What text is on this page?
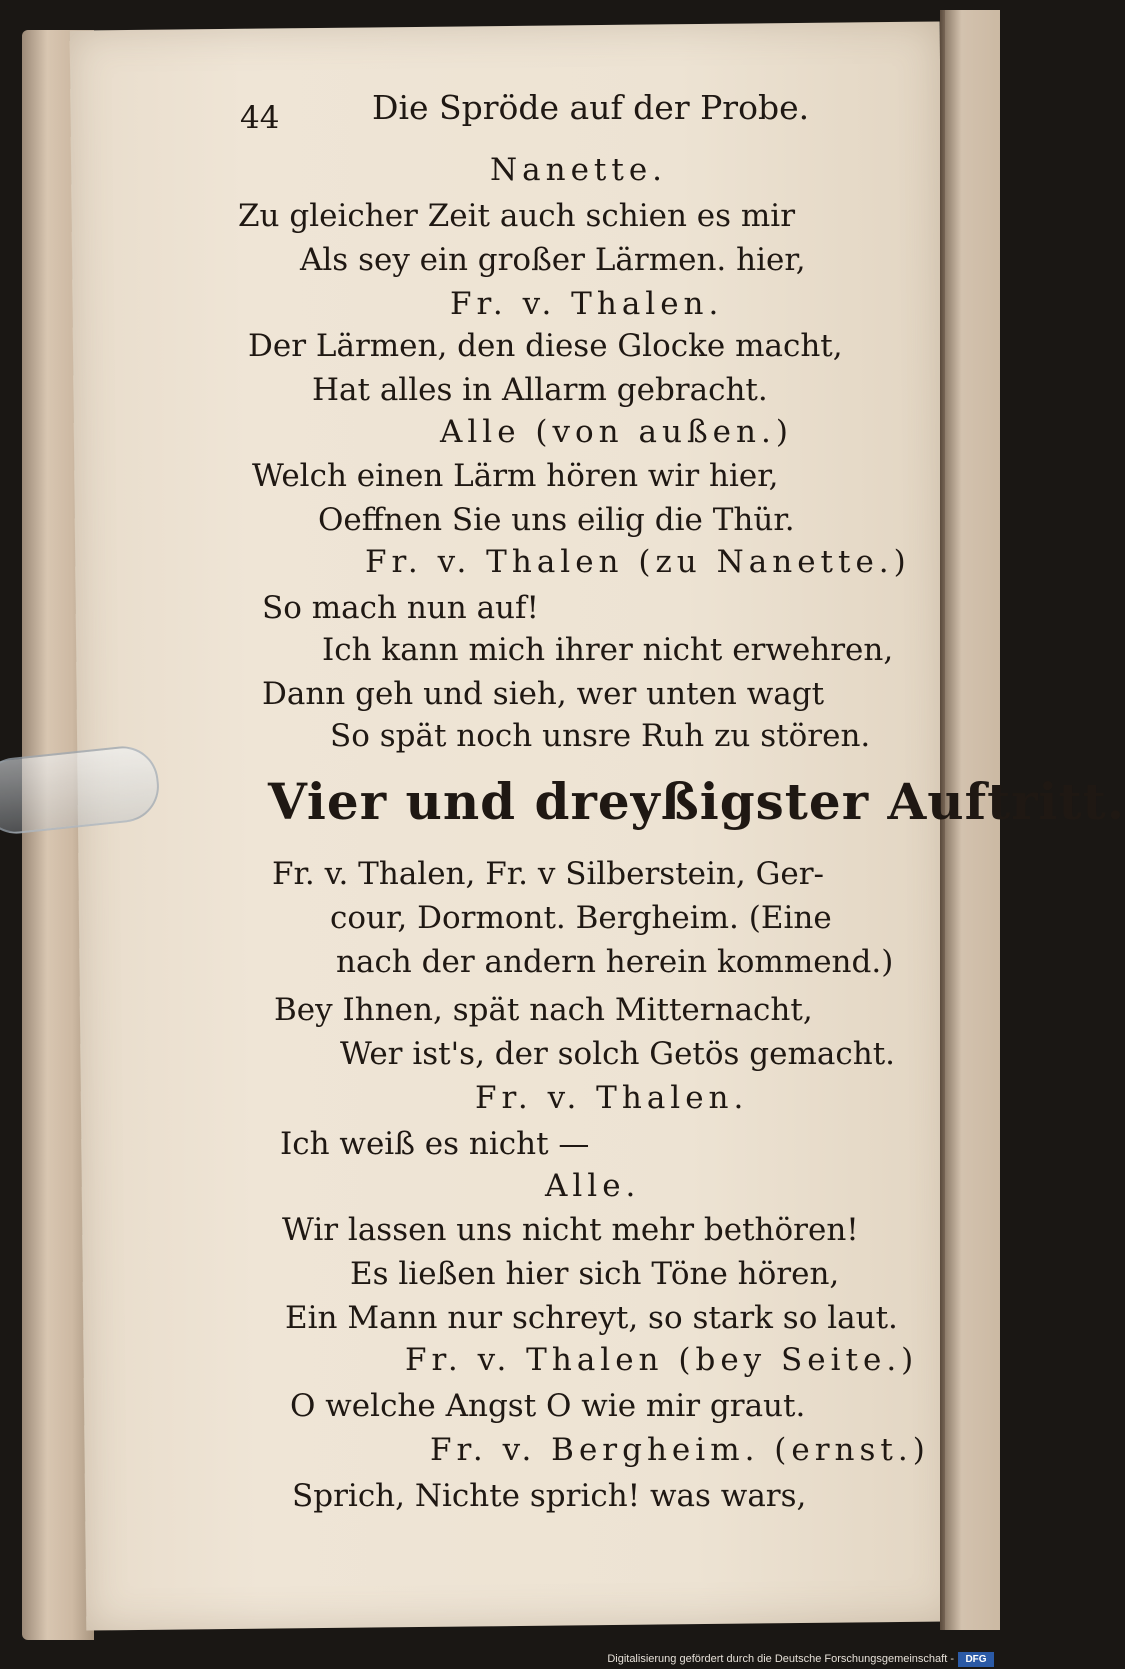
44	Die Spröde auf der Probe.
Nanette.
Zu gleicher Zeit auch schien es mir
Als sey ein großer Lärmen. hier,
Fr. v. Thalen.
Der Lärmen, den diese Glocke macht,
Hat alles in Allarm gebracht.
Alle (von außen.)
Welch einen Lärm hören wir hier,
Oeffnen Sie uns eilig die Thür.
Fr. v. Thalen (zu Nanette.)
So mach nun auf!
Ich kann mich ihrer nicht erwehren,
Dann geh und sieh, wer unten wagt
So spät noch unsre Ruh zu stören.
Vier und dreyßigster Auftritt.
Fr. v. Thalen, Fr. v Silberstein, Ger-
cour, Dormont. Bergheim. (Eine
nach der andern herein kommend.)
Bey Ihnen, spät nach Mitternacht,
Wer ist's, der solch Getös gemacht.
Fr. v. Thalen.
Ich weiß es nicht —
Alle.
Wir lassen uns nicht mehr bethören!
Es ließen hier sich Töne hören,
Ein Mann nur schreyt, so stark so laut.
Fr. v. Thalen (bey Seite.)
O welche Angst O wie mir graut.
Fr. v. Bergheim. (ernst.)
Sprich, Nichte sprich! was wars,
Digitalisierung gefördert durch die Deutsche Forschungsgemeinschaft -	DFG
